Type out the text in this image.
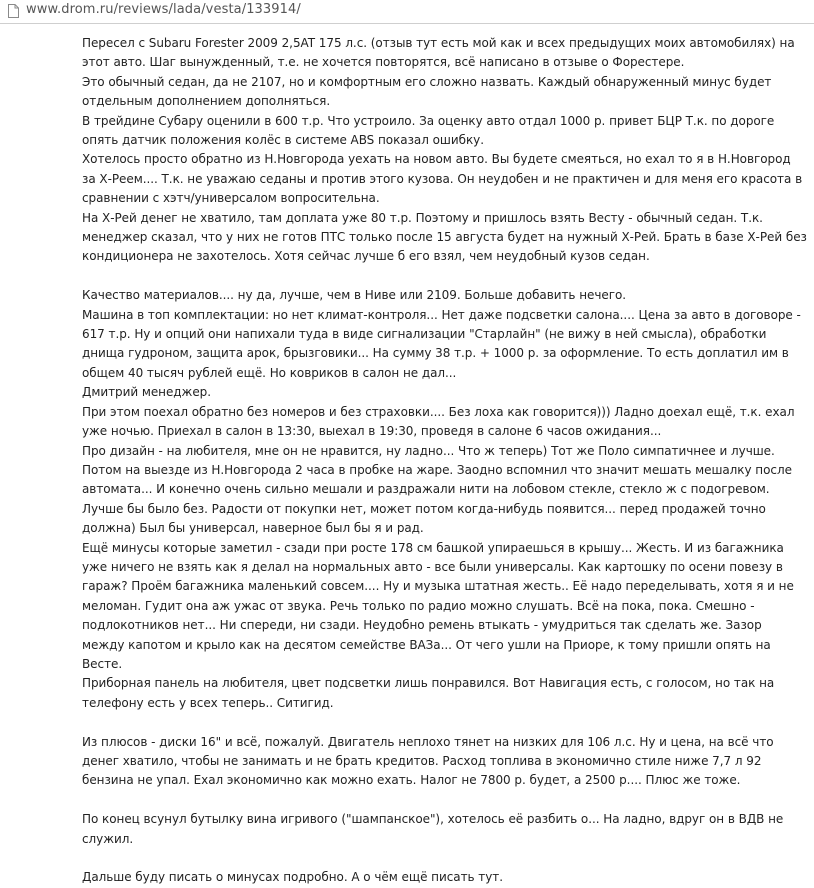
www.drom.ru/reviews/lada/vesta/133914/

Пересел с Subaru Forester 2009 2,5AT 175 л.с. (отзыв тут есть мой как и всех предыдущих моих автомобилях) на этот авто. Шаг вынужденный, т.е. не хочется повторятся, всё написано в отзыве о Форестере.

Это обычный седан, да не 2107, но и комфортным его сложно назвать. Каждый обнаруженный минус будет отдельным дополнением дополняться.

В трейдине Субару оценили в 600 т.р. Что устроило. За оценку авто отдал 1000 р. привет БЦР Т.к. по дороге опять датчик положения колёс в системе ABS показал ошибку.

Хотелось просто обратно из Н.Новгорода уехать на новом авто. Вы будете смеяться, но ехал то я в Н.Новгород за Х-Реем.... Т.к. не уважаю седаны и против этого кузова. Он неудобен и не практичен и для меня его красота в сравнении с хэтч/универсалом вопросительна.

На Х-Рей денег не хватило, там доплата уже 80 т.р. Поэтому и пришлось взять Весту - обычный седан. Т.к. менеджер сказал, что у них не готов ПТС только после 15 августа будет на нужный Х-Рей. Брать в базе Х-Рей без кондиционера не захотелось. Хотя сейчас лучше б его взял, чем неудобный кузов седан.

Качество материалов.... ну да, лучше, чем в Ниве или 2109. Больше добавить нечего.

Машина в топ комплектации: но нет климат-контроля... Нет даже подсветки салона.... Цена за авто в договоре - 617 т.р. Ну и опций они напихали туда в виде сигнализации "Старлайн" (не вижу в ней смысла), обработки днища гудроном, защита арок, брызговики... На сумму 38 т.р. + 1000 р. за оформление. То есть доплатил им в общем 40 тысяч рублей ещё. Но ковриков в салон не дал...

Дмитрий менеджер.

При этом поехал обратно без номеров и без страховки.... Без лоха как говорится))) Ладно доехал ещё, т.к. ехал уже ночью. Приехал в салон в 13:30, выехал в 19:30, проведя в салоне 6 часов ожидания...

Про дизайн - на любителя, мне он не нравится, ну ладно... Что ж теперь) Тот же Поло симпатичнее и лучше.

Потом на выезде из Н.Новгорода 2 часа в пробке на жаре. Заодно вспомнил что значит мешать мешалку после автомата... И конечно очень сильно мешали и раздражали нити на лобовом стекле, стекло ж с подогревом. Лучше бы было без. Радости от покупки нет, может потом когда-нибудь появится... перед продажей точно должна) Был бы универсал, наверное был бы я и рад.

Ещё минусы которые заметил - сзади при росте 178 см башкой упираешься в крышу... Жесть. И из багажника уже ничего не взять как я делал на нормальных авто - все были универсалы. Как картошку по осени повезу в гараж? Проём багажника маленький совсем.... Ну и музыка штатная жесть.. Её надо переделывать, хотя я и не меломан. Гудит она аж ужас от звука. Речь только по радио можно слушать. Всё на пока, пока. Смешно - подлокотников нет... Ни спереди, ни сзади. Неудобно ремень втыкать - умудриться так сделать же. Зазор между капотом и крыло как на десятом семействе ВАЗа... От чего ушли на Приоре, к тому пришли опять на Весте.

Приборная панель на любителя, цвет подсветки лишь понравился. Вот Навигация есть, с голосом, но так на телефону есть у всех теперь.. Ситигид.

Из плюсов - диски 16" и всё, пожалуй. Двигатель неплохо тянет на низких для 106 л.с. Ну и цена, на всё что денег хватило, чтобы не занимать и не брать кредитов. Расход топлива в экономично стиле ниже 7,7 л 92 бензина не упал. Ехал экономично как можно ехать. Налог не 7800 р. будет, а 2500 р.... Плюс же тоже.

По конец всунул бутылку вина игривого ("шампанское"), хотелось её разбить о... На ладно, вдруг он в ВДВ не служил.

Дальше буду писать о минусах подробно. А о чём ещё писать тут.
